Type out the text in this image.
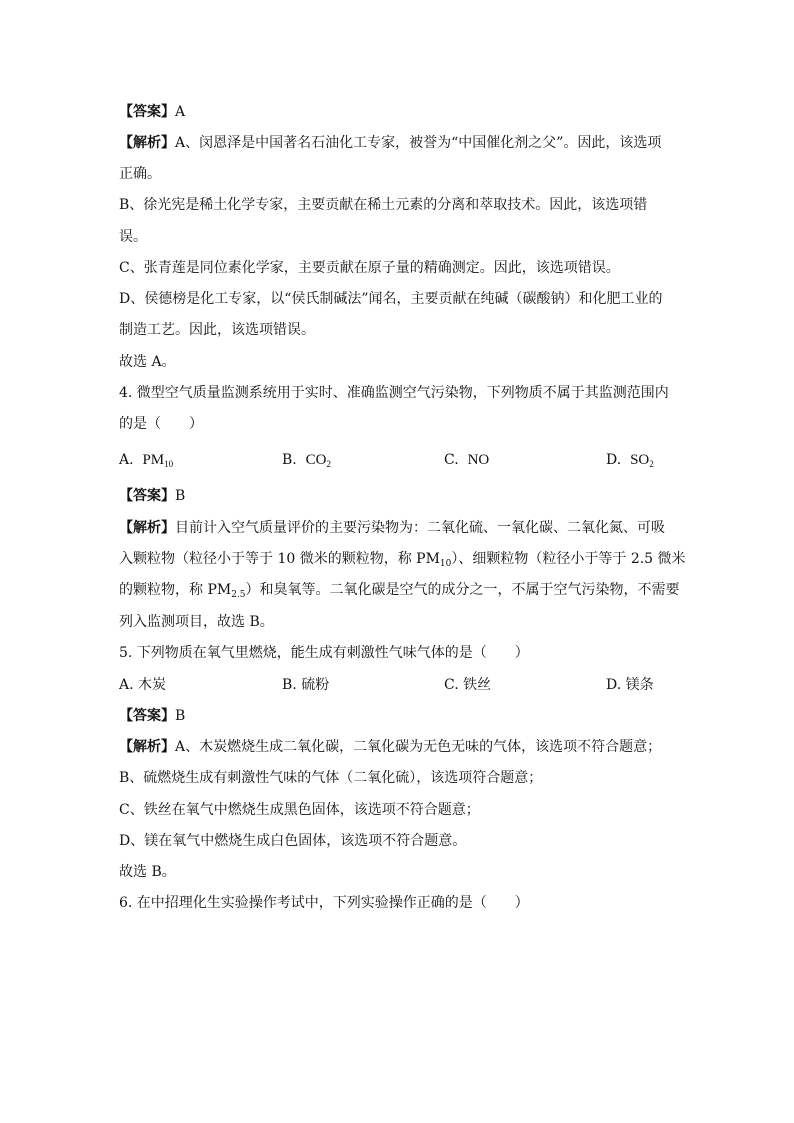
【答案】A
【解析】A、闵恩泽是中国著名石油化工专家，被誉为“中国催化剂之父”。因此，该选项
正确。
B、徐光宪是稀土化学专家，主要贡献在稀土元素的分离和萃取技术。因此，该选项错
误。
C、张青莲是同位素化学家，主要贡献在原子量的精确测定。因此，该选项错误。
D、侯德榜是化工专家，以“侯氏制碱法”闻名，主要贡献在纯碱（碳酸钠）和化肥工业的
制造工艺。因此，该选项错误。
故选 A。
4. 微型空气质量监测系统用于实时、准确监测空气污染物，下列物质不属于其监测范围内
的是（　　）
A. $PM_{10}$	B. $CO_2$	C. NO	D. $SO_2$
【答案】B
【解析】目前计入空气质量评价的主要污染物为：二氧化硫、一氧化碳、二氧化氮、可吸
入颗粒物（粒径小于等于 10 微米的颗粒物，称 $PM_{10}$）、细颗粒物（粒径小于等于 2.5 微米
的颗粒物，称 $PM_{2.5}$）和臭氧等。二氧化碳是空气的成分之一，不属于空气污染物，不需要
列入监测项目，故选 B。
5. 下列物质在氧气里燃烧，能生成有刺激性气味气体的是（　　）
A. 木炭	B. 硫粉	C. 铁丝	D. 镁条
【答案】B
【解析】A、木炭燃烧生成二氧化碳，二氧化碳为无色无味的气体，该选项不符合题意；
B、硫燃烧生成有刺激性气味的气体（二氧化硫），该选项符合题意；
C、铁丝在氧气中燃烧生成黑色固体，该选项不符合题意；
D、镁在氧气中燃烧生成白色固体，该选项不符合题意。
故选 B。
6. 在中招理化生实验操作考试中，下列实验操作正确的是（　　）
